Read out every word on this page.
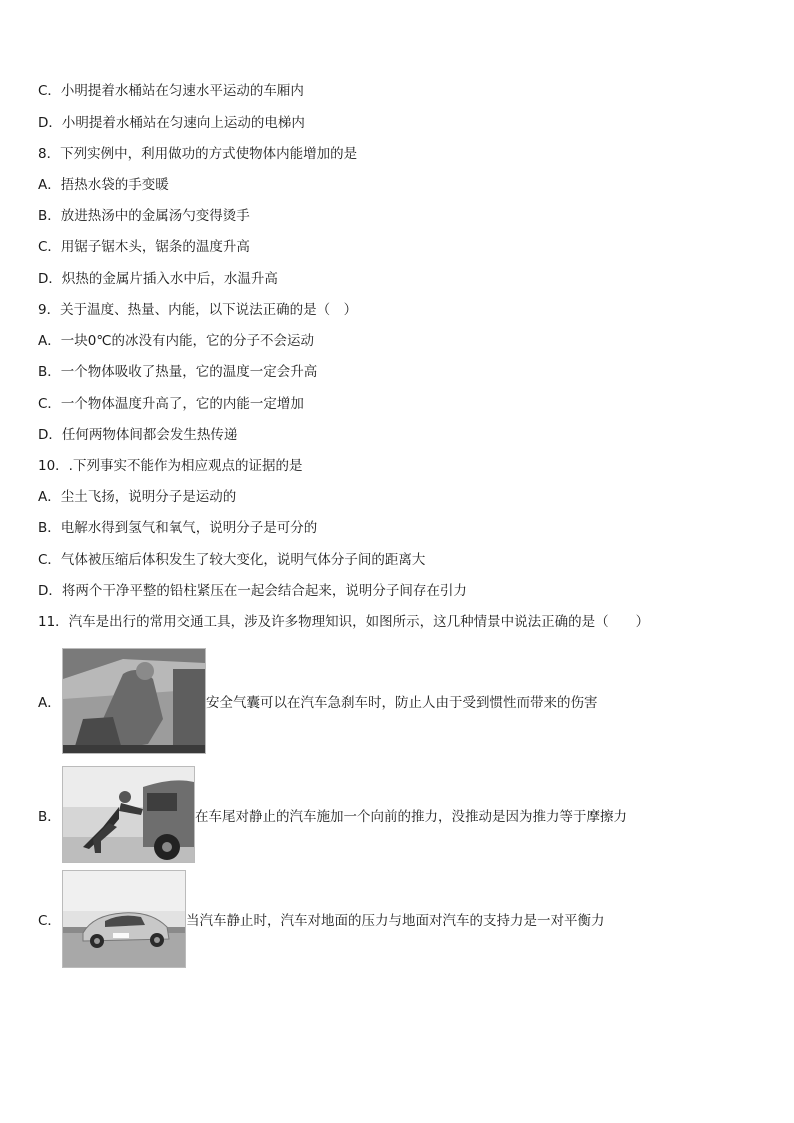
C．小明提着水桶站在匀速水平运动的车厢内
D．小明提着水桶站在匀速向上运动的电梯内
8．下列实例中，利用做功的方式使物体内能增加的是
A．捂热水袋的手变暖
B．放进热汤中的金属汤勺变得烫手
C．用锯子锯木头，锯条的温度升高
D．炽热的金属片插入水中后，水温升高
9．关于温度、热量、内能，以下说法正确的是（　）
A．一块0℃的冰没有内能，它的分子不会运动
B．一个物体吸收了热量，它的温度一定会升高
C．一个物体温度升高了，它的内能一定增加
D．任何两物体间都会发生热传递
10．.下列事实不能作为相应观点的证据的是
A．尘土飞扬，说明分子是运动的
B．电解水得到氢气和氧气，说明分子是可分的
C．气体被压缩后体积发生了较大变化，说明气体分子间的距离大
D．将两个干净平整的铅柱紧压在一起会结合起来，说明分子间存在引力
11．汽车是出行的常用交通工具，涉及许多物理知识，如图所示，这几种情景中说法正确的是（　　）
A．	安全气囊可以在汽车急刹车时，防止人由于受到惯性而带来的伤害
B．	在车尾对静止的汽车施加一个向前的推力，没推动是因为推力等于摩擦力
C．	当汽车静止时，汽车对地面的压力与地面对汽车的支持力是一对平衡力
